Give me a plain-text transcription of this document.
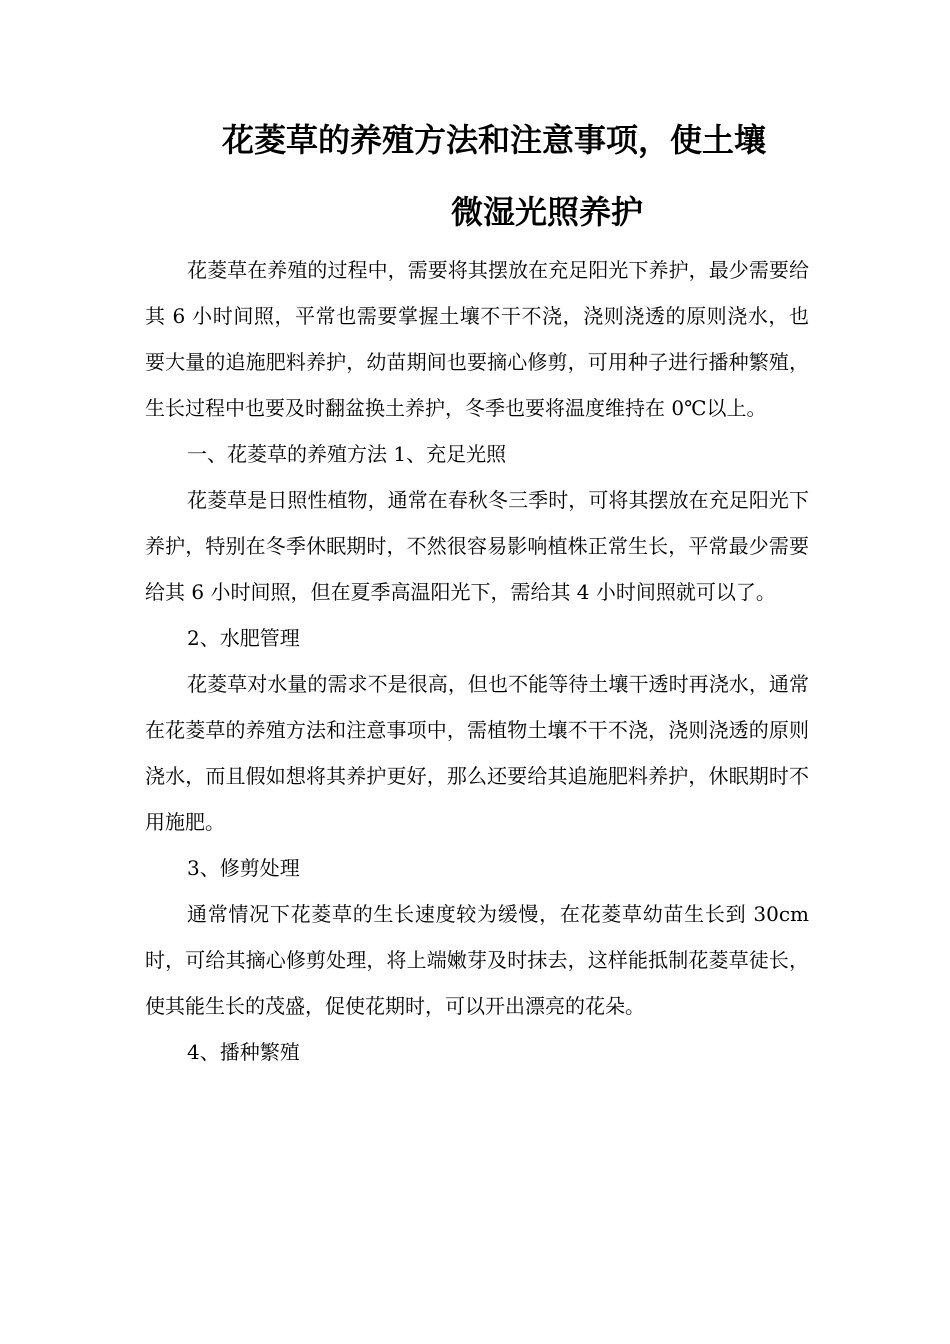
花菱草的养殖方法和注意事项，使土壤
微湿光照养护

花菱草在养殖的过程中，需要将其摆放在充足阳光下养护，最少需要给其 6 小时间照，平常也需要掌握土壤不干不浇，浇则浇透的原则浇水，也要大量的追施肥料养护，幼苗期间也要摘心修剪，可用种子进行播种繁殖，生长过程中也要及时翻盆换土养护，冬季也要将温度维持在 0℃以上。

一、花菱草的养殖方法 1、充足光照

花菱草是日照性植物，通常在春秋冬三季时，可将其摆放在充足阳光下养护，特别在冬季休眠期时，不然很容易影响植株正常生长，平常最少需要给其 6 小时间照，但在夏季高温阳光下，需给其 4 小时间照就可以了。

2、水肥管理

花菱草对水量的需求不是很高，但也不能等待土壤干透时再浇水，通常在花菱草的养殖方法和注意事项中，需植物土壤不干不浇，浇则浇透的原则浇水，而且假如想将其养护更好，那么还要给其追施肥料养护，休眠期时不用施肥。

3、修剪处理

通常情况下花菱草的生长速度较为缓慢，在花菱草幼苗生长到 30cm 时，可给其摘心修剪处理，将上端嫩芽及时抹去，这样能抵制花菱草徒长，使其能生长的茂盛，促使花期时，可以开出漂亮的花朵。

4、播种繁殖
